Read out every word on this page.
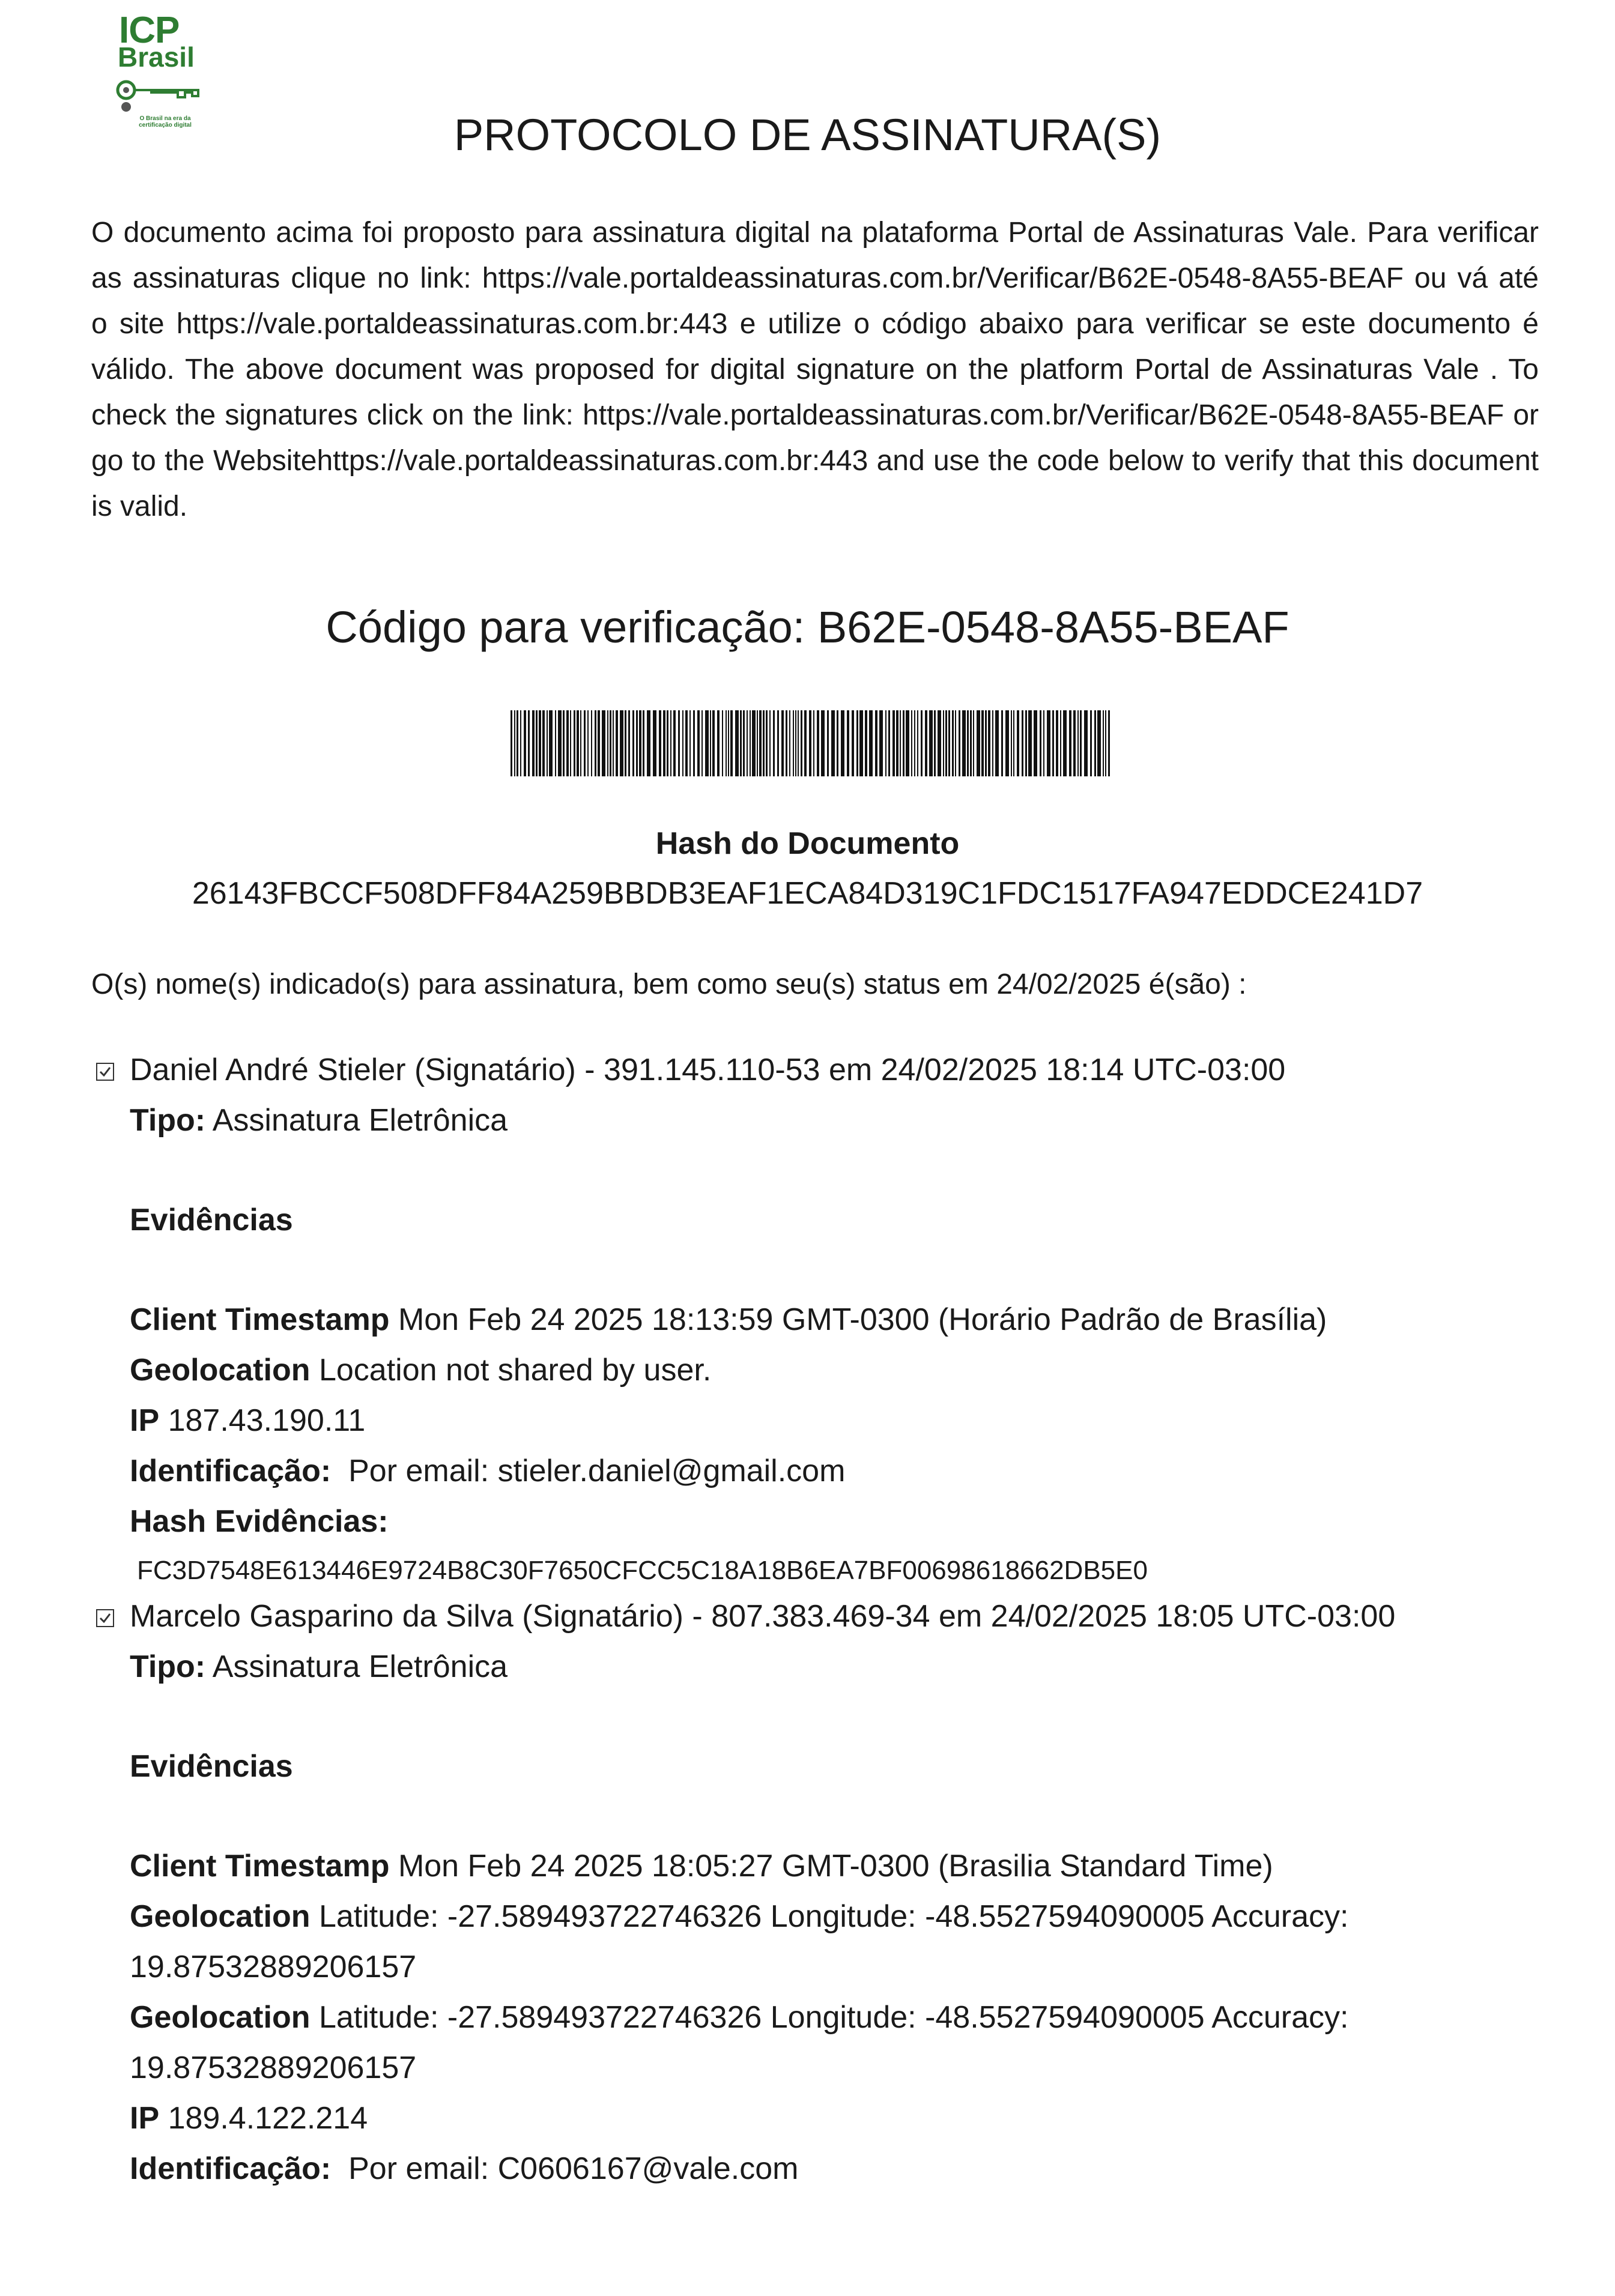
ICP
Brasil
O Brasil na era da certificação digital	PROTOCOLO DE ASSINATURA(S)
O documento acima foi proposto para assinatura digital na plataforma Portal de Assinaturas Vale. Para verificar as assinaturas clique no link: https://vale.portaldeassinaturas.com.br/Verificar/B62E-0548-8A55-BEAF ou vá até o site https://vale.portaldeassinaturas.com.br:443 e utilize o código abaixo para verificar se este documento é válido. The above document was proposed for digital signature on the platform Portal de Assinaturas Vale . To check the signatures click on the link: https://vale.portaldeassinaturas.com.br/Verificar/B62E-0548-8A55-BEAF or go to the Websitehttps://vale.portaldeassinaturas.com.br:443 and use the code below to verify that this document is valid.
Código para verificação: B62E-0548-8A55-BEAF
Hash do Documento
26143FBCCF508DFF84A259BBDB3EAF1ECA84D319C1FDC1517FA947EDDCE241D7
O(s) nome(s) indicado(s) para assinatura, bem como seu(s) status em 24/02/2025 é(são) :
Daniel André Stieler (Signatário) - 391.145.110-53 em 24/02/2025 18:14 UTC-03:00
Tipo: Assinatura Eletrônica
Evidências
Client Timestamp Mon Feb 24 2025 18:13:59 GMT-0300 (Horário Padrão de Brasília)
Geolocation Location not shared by user.
IP 187.43.190.11
Identificação: Por email: stieler.daniel@gmail.com
Hash Evidências:
FC3D7548E613446E9724B8C30F7650CFCC5C18A18B6EA7BF00698618662DB5E0
Marcelo Gasparino da Silva (Signatário) - 807.383.469-34 em 24/02/2025 18:05 UTC-03:00
Tipo: Assinatura Eletrônica
Evidências
Client Timestamp Mon Feb 24 2025 18:05:27 GMT-0300 (Brasilia Standard Time)
Geolocation Latitude: -27.589493722746326 Longitude: -48.5527594090005 Accuracy:
19.87532889206157
Geolocation Latitude: -27.589493722746326 Longitude: -48.5527594090005 Accuracy:
19.87532889206157
IP 189.4.122.214
Identificação: Por email: C0606167@vale.com
